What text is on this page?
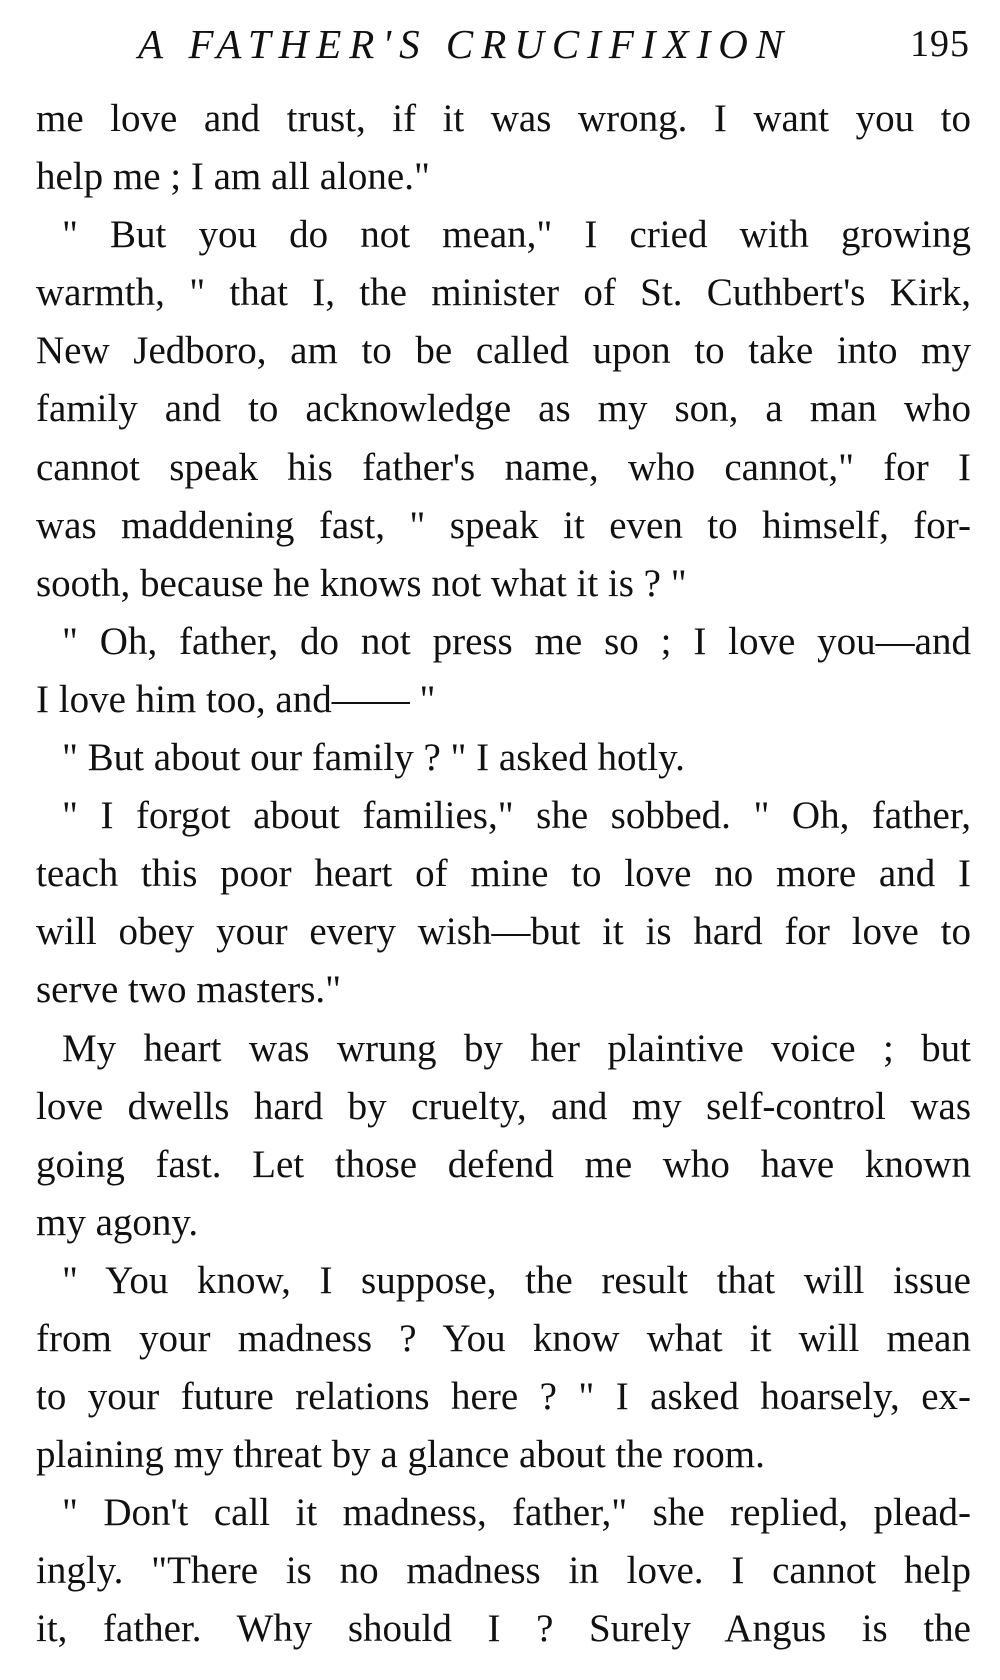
A FATHER'S CRUCIFIXION	195
me love and trust, if it was wrong. I want you to
help me ; I am all alone."
" But you do not mean," I cried with growing
warmth, " that I, the minister of St. Cuthbert's Kirk,
New Jedboro, am to be called upon to take into my
family and to acknowledge as my son, a man who
cannot speak his father's name, who cannot," for I
was maddening fast, " speak it even to himself, for-
sooth, because he knows not what it is ? "
" Oh, father, do not press me so ; I love you—and
I love him too, and—— "
" But about our family ? " I asked hotly.
" I forgot about families," she sobbed. " Oh, father,
teach this poor heart of mine to love no more and I
will obey your every wish—but it is hard for love to
serve two masters."
My heart was wrung by her plaintive voice ; but
love dwells hard by cruelty, and my self-control was
going fast. Let those defend me who have known
my agony.
" You know, I suppose, the result that will issue
from your madness ? You know what it will mean
to your future relations here ? " I asked hoarsely, ex-
plaining my threat by a glance about the room.
" Don't call it madness, father," she replied, plead-
ingly. "There is no madness in love. I cannot help
it, father. Why should I ? Surely Angus is the
